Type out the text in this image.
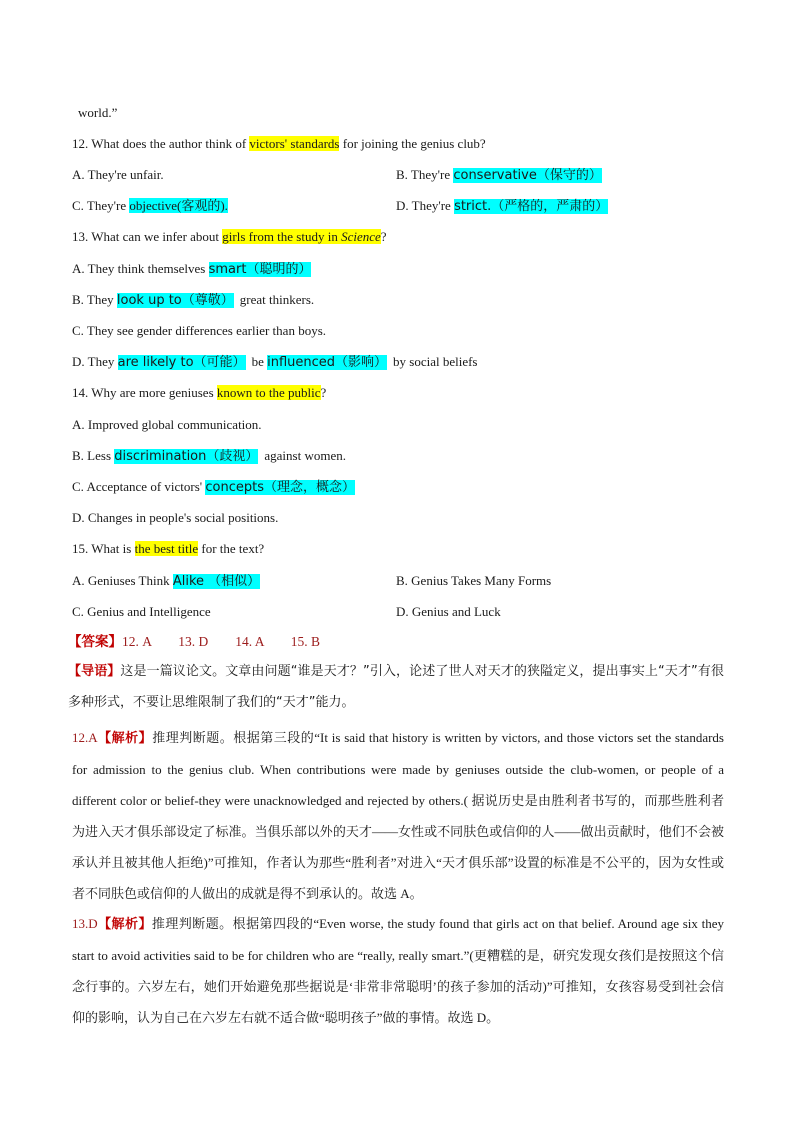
world.”
12. What does the author think of victors' standards for joining the genius club?
A. They're unfair.	B. They're conservative（保守的）
C. They're objective(客观的).	D. They're strict.（严格的，严肃的）
13. What can we infer about girls from the study in Science?
A. They think themselves smart（聪明的）
B. They look up to（尊敬） great thinkers.
C. They see gender differences earlier than boys.
D. They are likely to（可能） be influenced（影响） by social beliefs
14. Why are more geniuses known to the public?
A. Improved global communication.
B. Less discrimination（歧视） against women.
C. Acceptance of victors' concepts（理念，概念）
D. Changes in people's social positions.
15. What is the best title for the text?
A. Geniuses Think Alike （相似）	B. Genius Takes Many Forms
C. Genius and Intelligence	D. Genius and Luck
【答案】12. A        13. D        14. A        15. B
【导语】这是一篇议论文。文章由问题“谁是天才？”引入，论述了世人对天才的狭隘定义，提出事实上“天才”有很多种形式，不要让思维限制了我们的“天才”能力。
12.A【解析】推理判断题。根据第三段的“It is said that history is written by victors, and those victors set the standards for admission to the genius club. When contributions were made by geniuses outside the club-women, or people of a different color or belief-they were unacknowledged and rejected by others.( 据说历史是由胜利者书写的，而那些胜利者为进入天才俱乐部设定了标准。当俱乐部以外的天才——女性或不同肤色或信仰的人——做出贡献时，他们不会被承认并且被其他人拒绝)”可推知，作者认为那些“胜利者”对进入“天才俱乐部”设置的标准是不公平的，因为女性或者不同肤色或信仰的人做出的成就是得不到承认的。故选 A。
13.D【解析】推理判断题。根据第四段的“Even worse, the study found that girls act on that belief. Around age six they start to avoid activities said to be for children who are “really, really smart.”(更糟糕的是，研究发现女孩们是按照这个信念行事的。六岁左右，她们开始避免那些据说是‘非常非常聪明’的孩子参加的活动)”可推知，女孩容易受到社会信仰的影响，认为自己在六岁左右就不适合做“聪明孩子”做的事情。故选 D。
